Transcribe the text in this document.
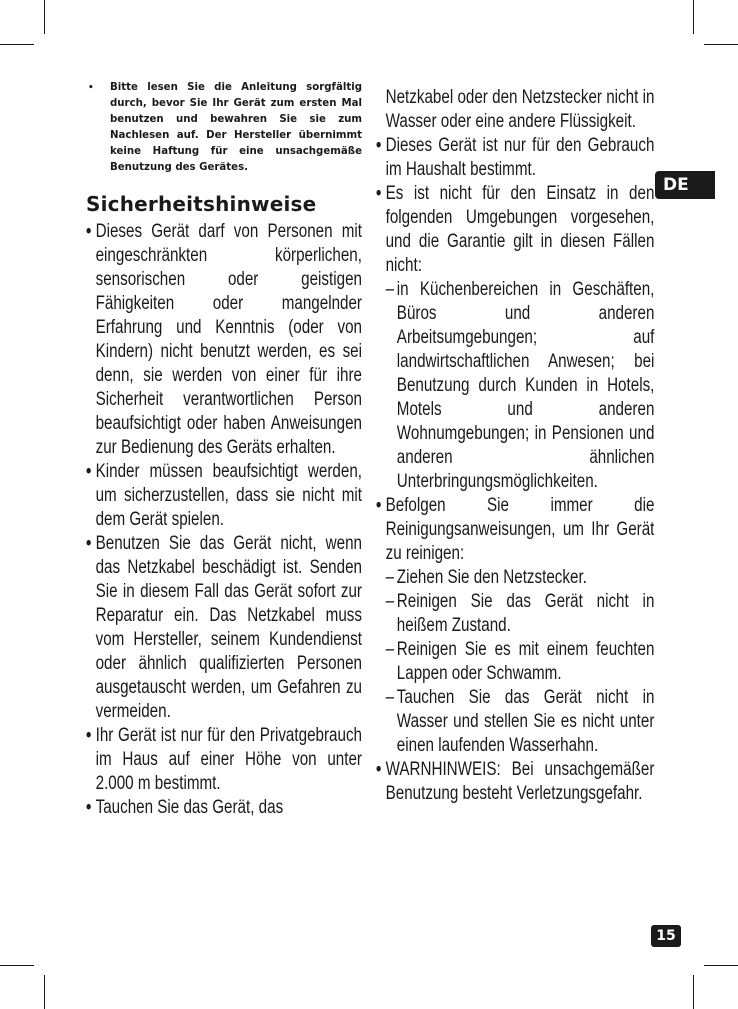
•	Bitte lesen Sie die Anleitung sorgfältig durch, bevor Sie Ihr Gerät zum ersten Mal benutzen und bewahren Sie sie zum Nachlesen auf. Der Hersteller übernimmt keine Haftung für eine unsachgemäße Benutzung des Gerätes.
Sicherheitshinweise
• Dieses Gerät darf von Personen mit eingeschränkten körperlichen, sensorischen oder geistigen Fähigkeiten oder mangelnder Erfahrung und Kenntnis (oder von Kindern) nicht benutzt werden, es sei denn, sie werden von einer für ihre Sicherheit verantwortlichen Person beaufsichtigt oder haben Anweisungen zur Bedienung des Geräts erhalten.
• Kinder müssen beaufsichtigt werden, um sicherzustellen, dass sie nicht mit dem Gerät spielen.
• Benutzen Sie das Gerät nicht, wenn das Netzkabel beschädigt ist. Senden Sie in diesem Fall das Gerät sofort zur Reparatur ein. Das Netzkabel muss vom Hersteller, seinem Kundendienst oder ähnlich qualifizierten Personen ausgetauscht werden, um Gefahren zu vermeiden.
• Ihr Gerät ist nur für den Privatgebrauch im Haus auf einer Höhe von unter 2.000 m bestimmt.
• Tauchen Sie das Gerät, das
Netzkabel oder den Netzstecker nicht in Wasser oder eine andere Flüssigkeit.
• Dieses Gerät ist nur für den Gebrauch im Haushalt bestimmt.
• Es ist nicht für den Einsatz in den folgenden Umgebungen vorgesehen, und die Garantie gilt in diesen Fällen nicht:
– in Küchenbereichen in Geschäften, Büros und anderen Arbeitsumgebungen; auf landwirtschaftlichen Anwesen; bei Benutzung durch Kunden in Hotels, Motels und anderen Wohnumgebungen; in Pensionen und anderen ähnlichen Unterbringungsmöglichkeiten.
• Befolgen Sie immer die Reinigungsanweisungen, um Ihr Gerät zu reinigen:
– Ziehen Sie den Netzstecker.
– Reinigen Sie das Gerät nicht in heißem Zustand.
– Reinigen Sie es mit einem feuchten Lappen oder Schwamm.
– Tauchen Sie das Gerät nicht in Wasser und stellen Sie es nicht unter einen laufenden Wasserhahn.
• WARNHINWEIS: Bei unsachgemäßer Benutzung besteht Verletzungsgefahr.
DE
15
